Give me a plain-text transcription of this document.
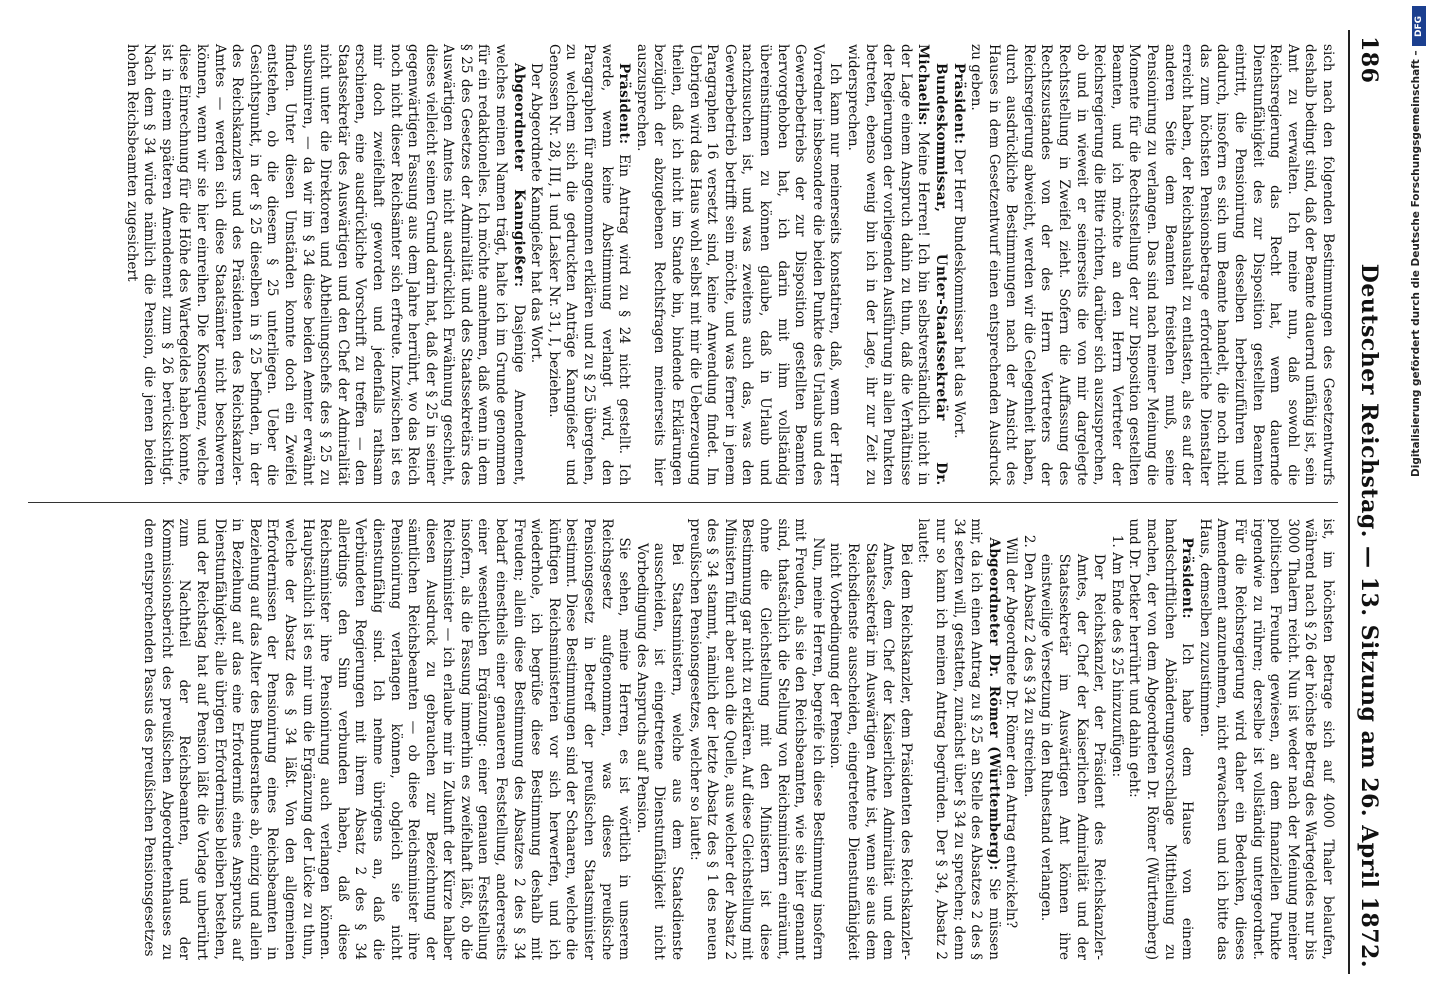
186
Deutscher Reichstag. — 13. Sitzung am 26. April 1872.

sich nach den folgenden Bestimmungen des Gesetzentwurfs deshalb bedingt sind, daß der Beamte dauernd unfähig ist, sein Amt zu verwalten. Ich meine nun, daß sowohl die Reichsregierung das Recht hat, wenn dauernde Dienstunfähigkeit des zur Disposition gestellten Beamten eintritt, die Pensionirung desselben herbeizuführen und dadurch, insofern es sich um Beamte handelt, die noch nicht das zum höchsten Pensionsbetrage erforderliche Dienstalter erreicht haben, der Reichshaushalt zu entlasten, als es auf der anderen Seite dem Beamten freistehen muß, seine Pensionirung zu verlangen. Das sind nach meiner Meinung die Momente für die Rechtsstellung der zur Disposition gestellten Beamten, und ich möchte an den Herrn Vertreter der Reichsregierung die Bitte richten, darüber sich auszusprechen, ob und in wieweit er seinerseits die von mir dargelegte Rechtsstellung in Zweifel zieht. Sofern die Auffassung des Rechtszustandes von der des Herrn Vertreters der Reichsregierung abweicht, werden wir die Gelegenheit haben, durch ausdrückliche Bestimmungen nach der Ansicht des Hauses in dem Gesetzentwurf einen entsprechenden Ausdruck zu geben.

Präsident: Der Herr Bundeskommissar hat das Wort.

Bundeskommissar, Unter-Staatssekretär Dr. Michaelis: Meine Herren! Ich bin selbstverständlich nicht in der Lage einem Anspruch dahin zu thun, daß die Verhältnisse der Regierungen der vorliegenden Ausführung in allen Punkten betreten, ebenso wenig bin ich in der Lage, ihr zur Zeit zu widersprechen.

Ich kann nur meinerseits konstatiren, daß, wenn der Herr Vorredner insbesondere die beiden Punkte des Urlaubs und des Gewerbebetriebs der zur Disposition gestellten Beamten hervorgehoben hat, ich darin mit ihm vollständig übereinstimmen zu können glaube, daß in Urlaub und nachzusuchen ist, und was zweitens auch das, was den Gewerbebetrieb betrifft sein möchte, und was ferner in jenem Paragraphen 16 versetzt sind, keine Anwendung findet. Im Uebrigen wird das Haus wohl selbst mit mir die Ueberzeugung theilen, daß ich nicht im Stande bin, bindende Erklärungen bezüglich der abzugebenen Rechtsfragen meinerseits hier auszusprechen.

Präsident: Ein Antrag wird zu § 24 nicht gestellt. Ich werde, wenn keine Abstimmung verlangt wird, den Paragraphen für angenommen erklären und zu § 25 übergehen, zu welchem sich die gedruckten Anträge Kanngießer und Genossen Nr. 28, III, 1 und Lasker Nr. 31, I, beziehen.

Der Abgeordnete Kanngießer hat das Wort.

Abgeordneter Kanngießer: Dasjenige Amendement, welches meinen Namen trägt, halte ich im Grunde genommen für ein redaktionelles. Ich möchte annehmen, daß wenn in dem § 25 des Gesetzes der Admiralität und des Staatssekretärs des Auswärtigen Amtes nicht ausdrücklich Erwähnung geschieht, dieses vielleicht seinen Grund darin hat, daß der § 25 in seiner gegenwärtigen Fassung aus dem Jahre herrührt, wo das Reich noch nicht dieser Reichsämter sich erfreute. Inzwischen ist es mir doch zweifelhaft geworden und jedenfalls rathsam erschienen, eine ausdrückliche Vorschrift zu treffen — den Staatssekretär des Auswärtigen und den Chef der Admiralität nicht unter die Direktoren und Abtheilungschefs des § 25 zu subsumiren, — da wir im § 34 diese beiden Aemter erwähnt finden. Unter diesen Umständen konnte doch ein Zweifel entstehen, ob die diesem § 25 unterliegen. Ueber die Gesichtspunkt, in der § 25 dieselben in § 25 befinden, in der des Reichskanzlers und des Präsidenten des Reichskanzler-Amtes — werden sich diese Staatsämter nicht beschweren können, wenn wir sie hier einreihen. Die Konsequenz, welche diese Einrechnung für die Höhe des Wartegeldes haben konnte, ist in einem späteren Amendement zum § 26 berücksichtigt. Nach dem § 34 würde nämlich die Pension, die jenen beiden hohen Reichsbeamten zugesichert

ist, im höchsten Betrage sich auf 4000 Thaler belaufen, während nach § 26 der höchste Betrag des Wartegeldes nur bis 3000 Thalern reicht. Nun ist weder nach der Meinung meiner politischen Freunde gewiesen, an dem finanziellen Punkte irgendwie zu rühren; derselbe ist vollständig untergeordnet. Für die Reichsregierung wird daher ein Bedenken, dieses Amendement anzunehmen, nicht erwachsen und ich bitte das Haus, demselben zuzustimmen.

Präsident: Ich habe dem Hause von einem handschriftlichen Abänderungsvorschlage Mittheilung zu machen, der von dem Abgeordneten Dr. Römer (Württemberg) und Dr. Detker herrührt und dahin geht:

1. Am Ende des § 25 hinzuzufügen:

Der Reichskanzler, der Präsident des Reichskanzler-Amtes, der Chef der Kaiserlichen Admiralität und der Staatssekretär im Auswärtigen Amt können ihre einstweilige Versetzung in den Ruhestand verlangen.

2. Den Absatz 2 des § 34 zu streichen.

Will der Abgeordnete Dr. Römer den Antrag entwickeln?

Abgeordneter Dr. Römer (Württemberg): Sie müssen mir, da ich einen Antrag zu § 25 an Stelle des Absatzes 2 des § 34 setzen will, gestatten, zunächst über § 34 zu sprechen; denn nur so kann ich meinen Antrag begründen. Der § 34, Absatz 2 lautet:

Bei dem Reichskanzler, dem Präsidenten des Reichskanzler-Amtes, dem Chef der Kaiserlichen Admiralität und dem Staatssekretär im Auswärtigen Amte ist, wenn sie aus dem Reichsdienste ausscheiden, eingetretene Dienstunfähigkeit nicht Vorbedingung der Pension.

Nun, meine Herren, begreife ich diese Bestimmung insofern mit Freuden, als sie den Reichsbeamten, wie sie hier genannt sind, thatsächlich die Stellung von Reichsministern einräumt, ohne die Gleichstellung mit den Ministern ist diese Bestimmung gar nicht zu erklären. Auf diese Gleichstellung mit Ministern führt aber auch die Quelle, aus welcher der Absatz 2 des § 34 stammt, nämlich der letzte Absatz des § 1 des neuen preußischen Pensionsgesetzes, welcher so lautet:

Bei Staatsministern, welche aus dem Staatsdienste ausscheiden, ist eingetretene Dienstunfähigkeit nicht Vorbedingung des Anspruchs auf Pension.

Sie sehen, meine Herren, es ist wörtlich in unserem Reichsgesetz aufgenommen, was dieses preußische Pensionsgesetz in Betreff der preußischen Staatsminister bestimmt. Diese Bestimmungen sind der Schaaren, welche die künftigen Reichsministerien vor sich herwerfen, und ich wiederhole, ich begrüße diese Bestimmung deshalb mit Freuden; allein diese Bestimmung des Absatzes 2 des § 34 bedarf einestheils einer genaueren Feststellung, andererseits einer wesentlichen Ergänzung: einer genauen Feststellung insofern, als die Fassung immerhin es zweifelhaft läßt, ob die Reichsminister — ich erlaube mir in Zukunft der Kürze halber diesen Ausdruck zu gebrauchen zur Bezeichnung der sämtlichen Reichsbeamten — ob diese Reichsminister ihre Pensionirung verlangen können, obgleich sie nicht dienstunfähig sind. Ich nehme übrigens an, daß die Verbündeten Regierungen mit ihrem Absatz 2 des § 34 allerdings den Sinn verbunden haben, daß diese Reichsminister ihre Pensionirung auch verlangen können. Hauptsächlich ist es mir um die Ergänzung der Lücke zu thun, welche der Absatz des § 34 läßt. Von den allgemeinen Erfordernissen der Pensionirung eines Reichsbeamten in Beziehung auf das Alter des Bundesrathes ab, einzig und allein in Beziehung auf das eine Erforderniß eines Anspruchs auf Dienstunfähigkeit; alle übrigen Erfordernisse bleiben bestehen, und der Reichstag hat auf Pension läßt die Vorlage unberührt zum Nachtheil der Reichsbeamten, und der Kommissionsbericht des preußischen Abgeordnetenhauses zu dem entsprechenden Passus des preußischen Pensionsgesetzes

DFG
Digitalisierung gefördert durch die Deutsche Forschungsgemeinschaft –
